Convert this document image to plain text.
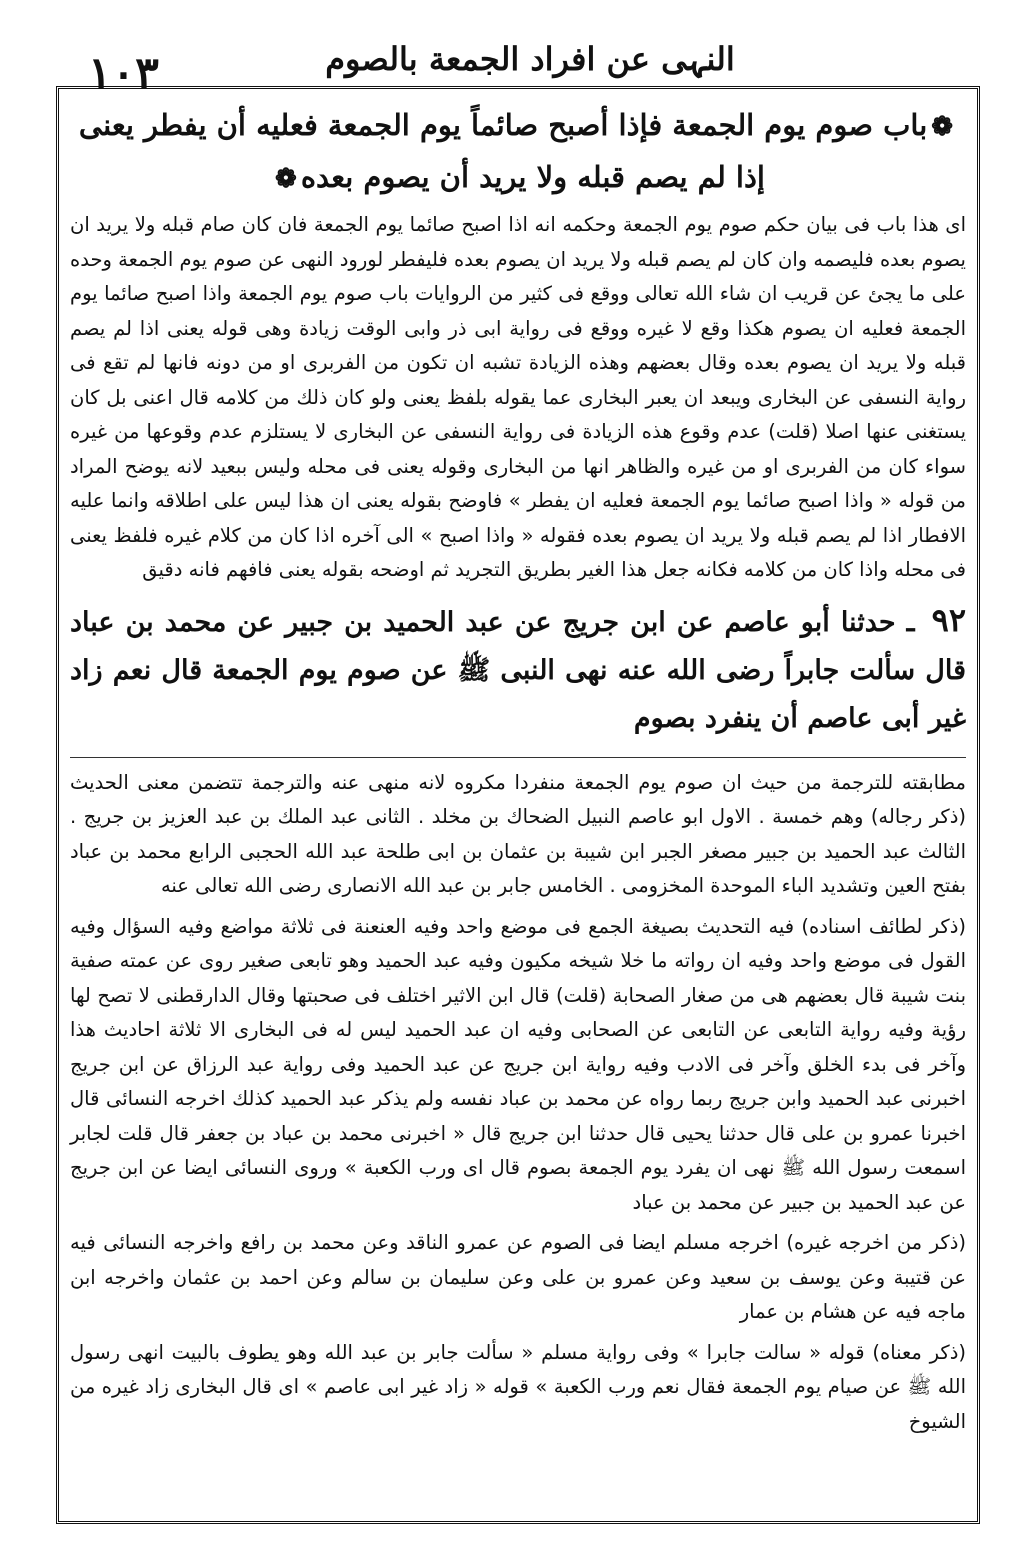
١٠٣	النہی عن افراد الجمعة بالصوم
❁باب صوم يوم الجمعة فإذا أصبح صائماً يوم الجمعة فعليه أن يفطر يعنى إذا لم يصم قبله ولا يريد أن يصوم بعده❁

اى هذا باب فى بيان حكم صوم يوم الجمعة وحكمه انه اذا اصبح صائما يوم الجمعة فان كان صام قبله ولا يريد ان يصوم بعده فليصمه وان كان لم يصم قبله ولا يريد ان يصوم بعده فليفطر لورود النهى عن صوم يوم الجمعة وحده على ما يجئ عن قريب ان شاء الله تعالى ووقع فى كثير من الروايات باب صوم يوم الجمعة واذا اصبح صائما يوم الجمعة فعليه ان يصوم هكذا وقع لا غيره ووقع فى رواية ابى ذر وابى الوقت زيادة وهى قوله يعنى اذا لم يصم قبله ولا يريد ان يصوم بعده وقال بعضهم وهذه الزيادة تشبه ان تكون من الفربرى او من دونه فانها لم تقع فى رواية النسفى عن البخارى ويبعد ان يعبر البخارى عما يقوله بلفظ يعنى ولو كان ذلك من كلامه قال اعنى بل كان يستغنى عنها اصلا (قلت) عدم وقوع هذه الزيادة فى رواية النسفى عن البخارى لا يستلزم عدم وقوعها من غيره سواء كان من الفربرى او من غيره والظاهر انها من البخارى وقوله يعنى فى محله وليس ببعيد لانه يوضح المراد من قوله « واذا اصبح صائما يوم الجمعة فعليه ان يفطر » فاوضح بقوله يعنى ان هذا ليس على اطلاقه وانما عليه الافطار اذا لم يصم قبله ولا يريد ان يصوم بعده فقوله « واذا اصبح » الى آخره اذا كان من كلام غيره فلفظ يعنى فى محله واذا كان من كلامه فكانه جعل هذا الغير بطريق التجريد ثم اوضحه بقوله يعنى فافهم فانه دقيق

٩٢ ـ حدثنا أبو عاصم عن ابن جريج عن عبد الحميد بن جبير عن محمد بن عباد قال سألت جابراً رضى الله عنه نهى النبى ﷺ عن صوم يوم الجمعة قال نعم زاد غير أبى عاصم أن ينفرد بصوم

مطابقته للترجمة من حيث ان صوم يوم الجمعة منفردا مكروه لانه منهى عنه والترجمة تتضمن معنى الحديث (ذكر رجاله) وهم خمسة . الاول ابو عاصم النبيل الضحاك بن مخلد . الثانى عبد الملك بن عبد العزيز بن جريج . الثالث عبد الحميد بن جبير مصغر الجبر ابن شيبة بن عثمان بن ابى طلحة عبد الله الحجبى الرابع محمد بن عباد بفتح العين وتشديد الباء الموحدة المخزومى . الخامس جابر بن عبد الله الانصارى رضى الله تعالى عنه

(ذكر لطائف اسناده) فيه التحديث بصيغة الجمع فى موضع واحد وفيه العنعنة فى ثلاثة مواضع وفيه السؤال وفيه القول فى موضع واحد وفيه ان رواته ما خلا شيخه مكيون وفيه عبد الحميد وهو تابعى صغير روى عن عمته صفية بنت شيبة قال بعضهم هى من صغار الصحابة (قلت) قال ابن الاثير اختلف فى صحبتها وقال الدارقطنى لا تصح لها رؤية وفيه رواية التابعى عن التابعى عن الصحابى وفيه ان عبد الحميد ليس له فى البخارى الا ثلاثة احاديث هذا وآخر فى بدء الخلق وآخر فى الادب وفيه رواية ابن جريج عن عبد الحميد وفى رواية عبد الرزاق عن ابن جريج اخبرنى عبد الحميد وابن جريج ربما رواه عن محمد بن عباد نفسه ولم يذكر عبد الحميد كذلك اخرجه النسائى قال اخبرنا عمرو بن على قال حدثنا يحيى قال حدثنا ابن جريج قال « اخبرنى محمد بن عباد بن جعفر قال قلت لجابر اسمعت رسول الله ﷺ نهى ان يفرد يوم الجمعة بصوم قال اى ورب الكعبة » وروى النسائى ايضا عن ابن جريج عن عبد الحميد بن جبير عن محمد بن عباد

(ذكر من اخرجه غيره) اخرجه مسلم ايضا فى الصوم عن عمرو الناقد وعن محمد بن رافع واخرجه النسائى فيه عن قتيبة وعن يوسف بن سعيد وعن عمرو بن على وعن سليمان بن سالم وعن احمد بن عثمان واخرجه ابن ماجه فيه عن هشام بن عمار

(ذكر معناه) قوله « سالت جابرا » وفى رواية مسلم « سألت جابر بن عبد الله وهو يطوف بالبيت انهى رسول الله ﷺ عن صيام يوم الجمعة فقال نعم ورب الكعبة » قوله « زاد غير ابى عاصم » اى قال البخارى زاد غيره من الشيوخ
